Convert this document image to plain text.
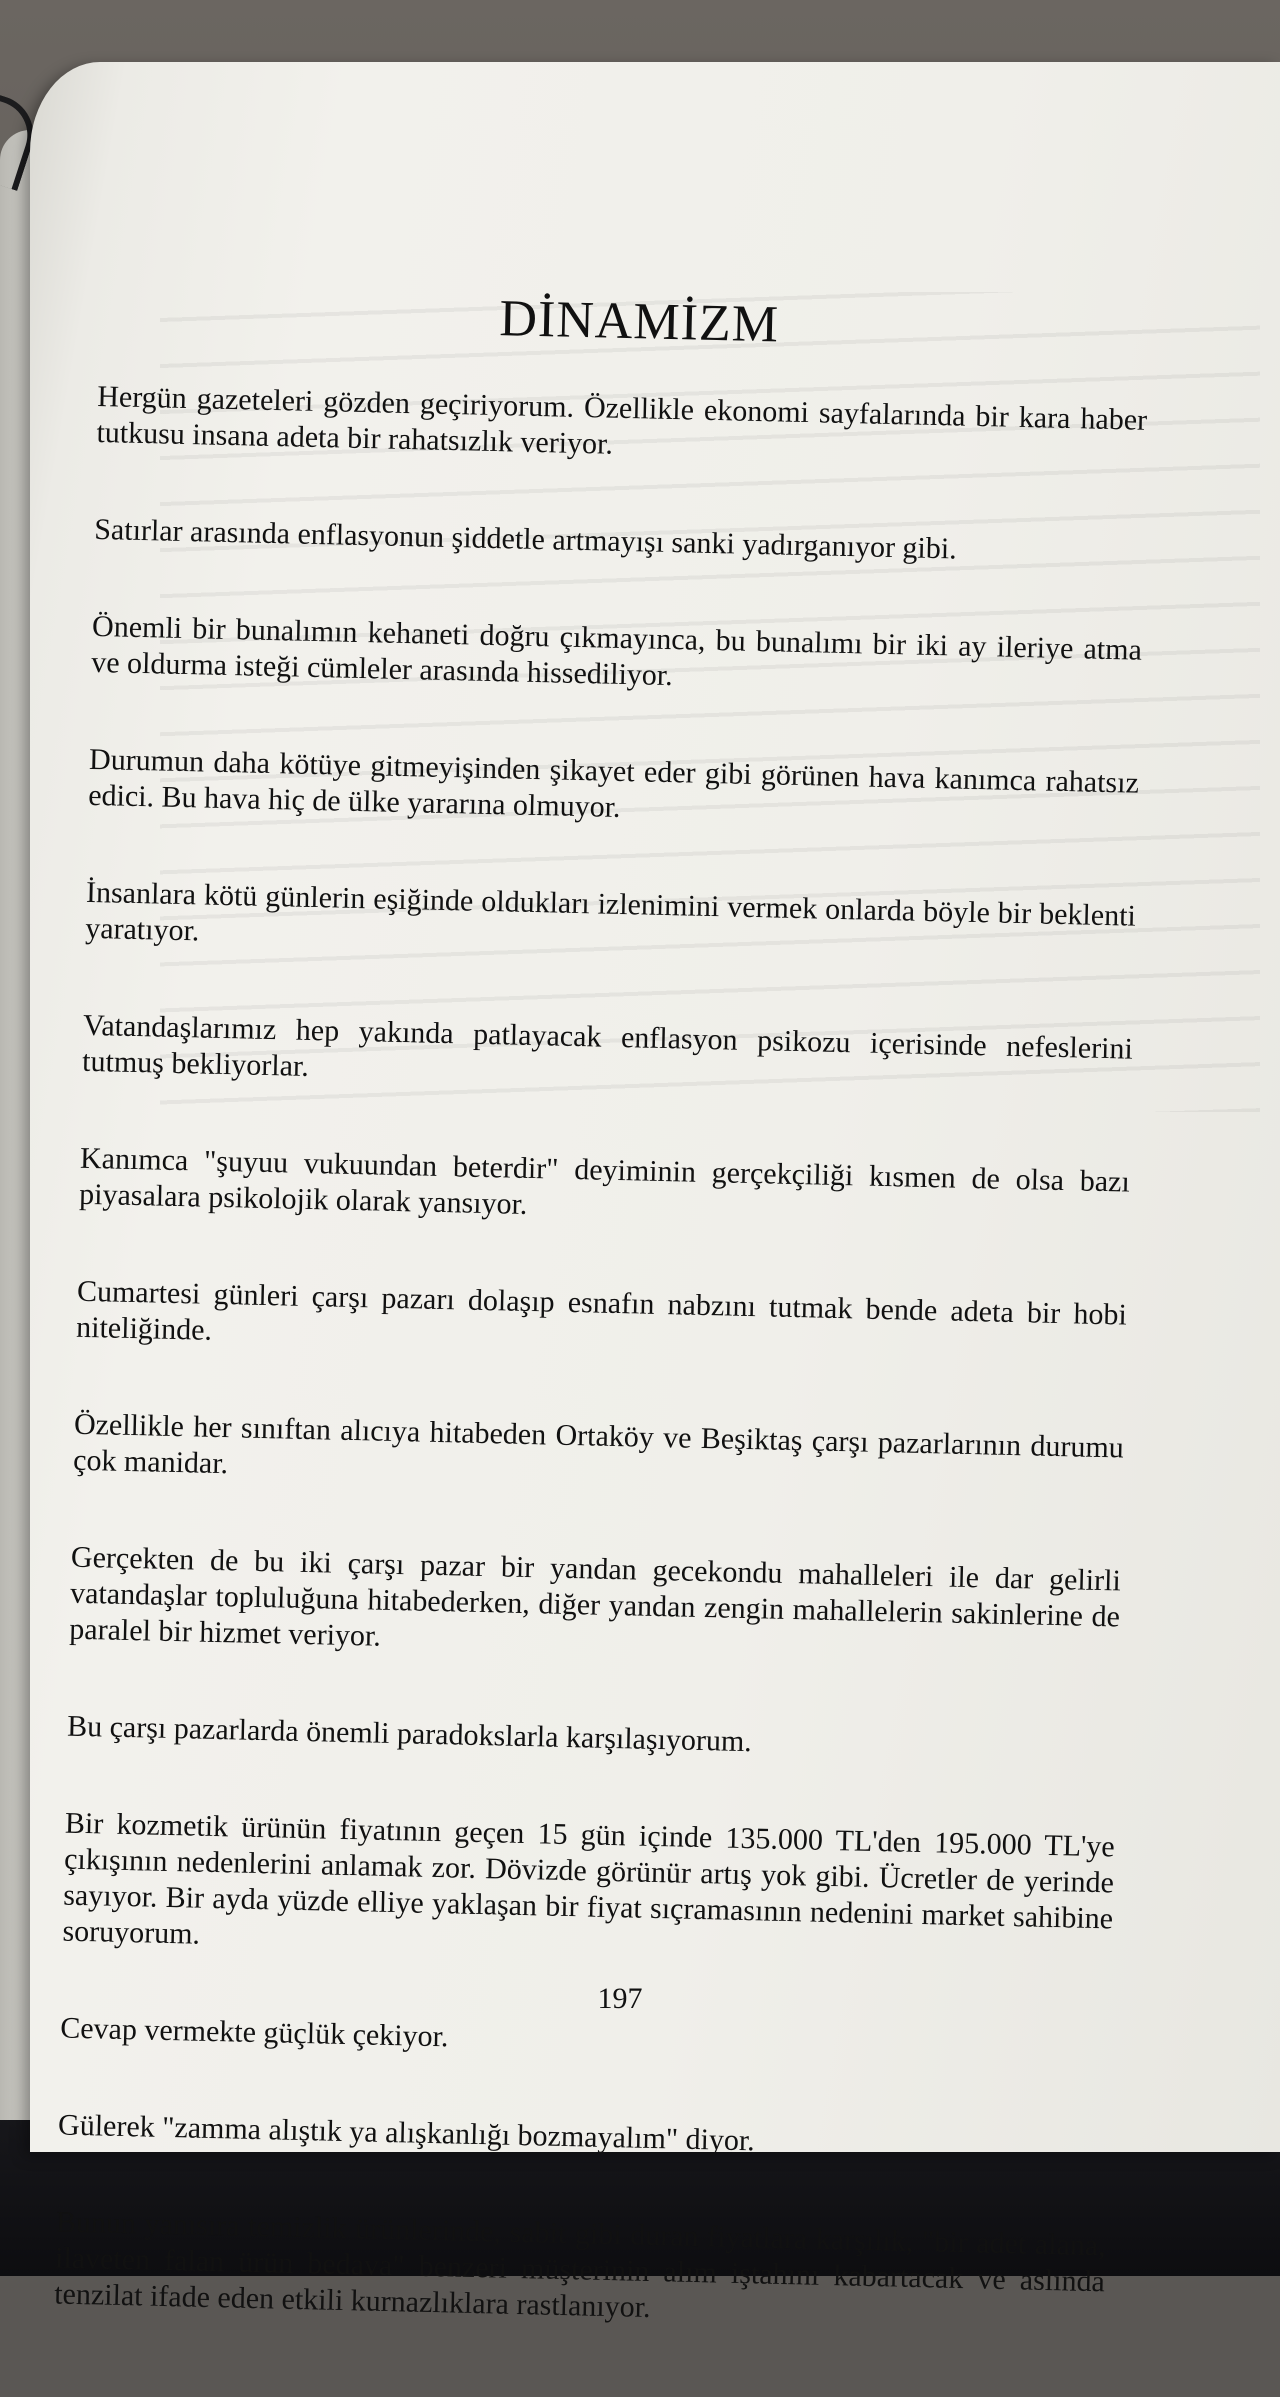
DİNAMİZM

Hergün gazeteleri gözden geçiriyorum. Özellikle ekonomi sayfalarında bir kara haber tutkusu insana adeta bir rahatsızlık veriyor.

Satırlar arasında enflasyonun şiddetle artmayışı sanki yadırganıyor gibi.

Önemli bir bunalımın kehaneti doğru çıkmayınca, bu bunalımı bir iki ay ileriye atma ve oldurma isteği cümleler arasında hissediliyor.

Durumun daha kötüye gitmeyişinden şikayet eder gibi görünen hava kanımca rahatsız edici. Bu hava hiç de ülke yararına olmuyor.

İnsanlara kötü günlerin eşiğinde oldukları izlenimini vermek onlarda böyle bir beklenti yaratıyor.

Vatandaşlarımız hep yakında patlayacak enflasyon psikozu içerisinde nefeslerini tutmuş bekliyorlar.

Kanımca "şuyuu vukuundan beterdir" deyiminin gerçekçiliği kısmen de olsa bazı piyasalara psikolojik olarak yansıyor.

Cumartesi günleri çarşı pazarı dolaşıp esnafın nabzını tutmak bende adeta bir hobi niteliğinde.

Özellikle her sınıftan alıcıya hitabeden Ortaköy ve Beşiktaş çarşı pazarlarının durumu çok manidar.

Gerçekten de bu iki çarşı pazar bir yandan gecekondu mahalleleri ile dar gelirli vatandaşlar topluluğuna hitabederken, diğer yandan zengin mahallelerin sakinlerine de paralel bir hizmet veriyor.

Bu çarşı pazarlarda önemli paradokslarla karşılaşıyorum.

Bir kozmetik ürünün fiyatının geçen 15 gün içinde 135.000 TL'den 195.000 TL'ye çıkışının nedenlerini anlamak zor. Dövizde görünür artış yok gibi. Ücretler de yerinde sayıyor. Bir ayda yüzde elliye yaklaşan bir fiyat sıçramasının nedenini market sahibine soruyorum.

Cevap vermekte güçlük çekiyor.

Gülerek "zamma alıştık ya alışkanlığı bozmayalım" diyor.

Bunun yanısıra temizlik ürünlerinde, sabit gibi duran fiyatlara karşılık, "bir adet alana, ilaveten falan ürün bedava" benzeri müşterinin alım iştahını kabartacak ve aslında tenzilat ifade eden etkili kurnazlıklara rastlanıyor.

197
